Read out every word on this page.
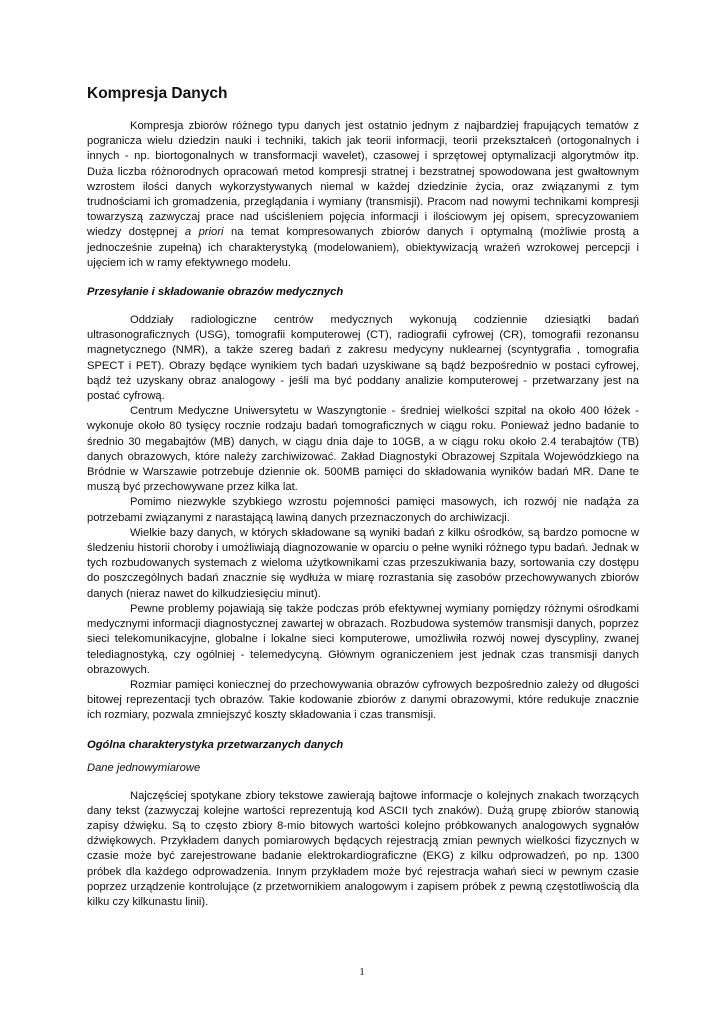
Kompresja Danych

Kompresja zbiorów różnego typu danych jest ostatnio jednym z najbardziej frapujących tematów z pogranicza wielu dziedzin nauki i techniki, takich jak teorii informacji, teorii przekształceń (ortogonalnych i innych - np. biortogonalnych w transformacji wavelet), czasowej i sprzętowej optymalizacji algorytmów itp. Duża liczba różnorodnych opracowań metod kompresji stratnej i bezstratnej spowodowana jest gwałtownym wzrostem ilości danych wykorzystywanych niemal w każdej dziedzinie życia, oraz związanymi z tym trudnościami ich gromadzenia, przeglądania i wymiany (transmisji). Pracom nad nowymi technikami kompresji towarzyszą zazwyczaj prace nad uściśleniem pojęcia informacji i ilościowym jej opisem, sprecyzowaniem wiedzy dostępnej a priori na temat kompresowanych zbiorów danych i optymalną (możliwie prostą a jednocześnie zupełną) ich charakterystyką (modelowaniem), obiektywizacją wrażeń wzrokowej percepcji i ujęciem ich w ramy efektywnego modelu.

Przesyłanie i składowanie obrazów medycznych

Oddziały radiologiczne centrów medycznych wykonują codziennie dziesiątki badań ultrasonograficznych (USG), tomografii komputerowej (CT), radiografii cyfrowej (CR), tomografii rezonansu magnetycznego (NMR), a także szereg badań z zakresu medycyny nuklearnej (scyntygrafia , tomografia SPECT i PET). Obrazy będące wynikiem tych badań uzyskiwane są bądź bezpośrednio w postaci cyfrowej, bądź też uzyskany obraz analogowy - jeśli ma być poddany analizie komputerowej - przetwarzany jest na postać cyfrową.

Centrum Medyczne Uniwersytetu w Waszyngtonie - średniej wielkości szpital na około 400 łóżek - wykonuje około 80 tysięcy rocznie rodzaju badań tomograficznych w ciągu roku. Ponieważ jedno badanie to średnio 30 megabajtów (MB) danych, w ciągu dnia daje to 10GB, a w ciągu roku około 2.4 terabajtów (TB) danych obrazowych, które należy zarchiwizować. Zakład Diagnostyki Obrazowej Szpitala Wojewódzkiego na Bródnie w Warszawie potrzebuje dziennie ok. 500MB pamięci do składowania wyników badań MR. Dane te muszą być przechowywane przez kilka lat.

Pomimo niezwykle szybkiego wzrostu pojemności pamięci masowych, ich rozwój nie nadąża za potrzebami związanymi z narastającą lawiną danych przeznaczonych do archiwizacji.

Wielkie bazy danych, w których składowane są wyniki badań z kilku ośrodków, są bardzo pomocne w śledzeniu historii choroby i umożliwiają diagnozowanie w oparciu o pełne wyniki różnego typu badań. Jednak w tych rozbudowanych systemach z wieloma użytkownikami czas przeszukiwania bazy, sortowania czy dostępu do poszczególnych badań znacznie się wydłuża w miarę rozrastania się zasobów przechowywanych zbiorów danych (nieraz nawet do kilkudziesięciu minut).

Pewne problemy pojawiają się także podczas prób efektywnej wymiany pomiędzy różnymi ośrodkami medycznymi informacji diagnostycznej zawartej w obrazach. Rozbudowa systemów transmisji danych, poprzez sieci telekomunikacyjne, globalne i lokalne sieci komputerowe, umożliwiła rozwój nowej dyscypliny, zwanej telediagnostyką, czy ogólniej - telemedycyną. Głównym ograniczeniem jest jednak czas transmisji danych obrazowych.

Rozmiar pamięci koniecznej do przechowywania obrazów cyfrowych bezpośrednio zależy od długości bitowej reprezentacji tych obrazów. Takie kodowanie zbiorów z danymi obrazowymi, które redukuje znacznie ich rozmiary, pozwala zmniejszyć koszty składowania i czas transmisji.

Ogólna charakterystyka przetwarzanych danych
Dane jednowymiarowe

Najczęściej spotykane zbiory tekstowe zawierają bajtowe informacje o kolejnych znakach tworzących dany tekst (zazwyczaj kolejne wartości reprezentują kod ASCII tych znaków). Dużą grupę zbiorów stanowią zapisy dźwięku. Są to często zbiory 8-mio bitowych wartości kolejno próbkowanych analogowych sygnałów dźwiękowych. Przykładem danych pomiarowych będących rejestracją zmian pewnych wielkości fizycznych w czasie może być zarejestrowane badanie elektrokardiograficzne (EKG) z kilku odprowadzeń, po np. 1300 próbek dla każdego odprowadzenia. Innym przykładem może być rejestracja wahań sieci w pewnym czasie poprzez urządzenie kontrolujące (z przetwornikiem analogowym i zapisem próbek z pewną częstotliwością dla kilku czy kilkunastu linii).

1
